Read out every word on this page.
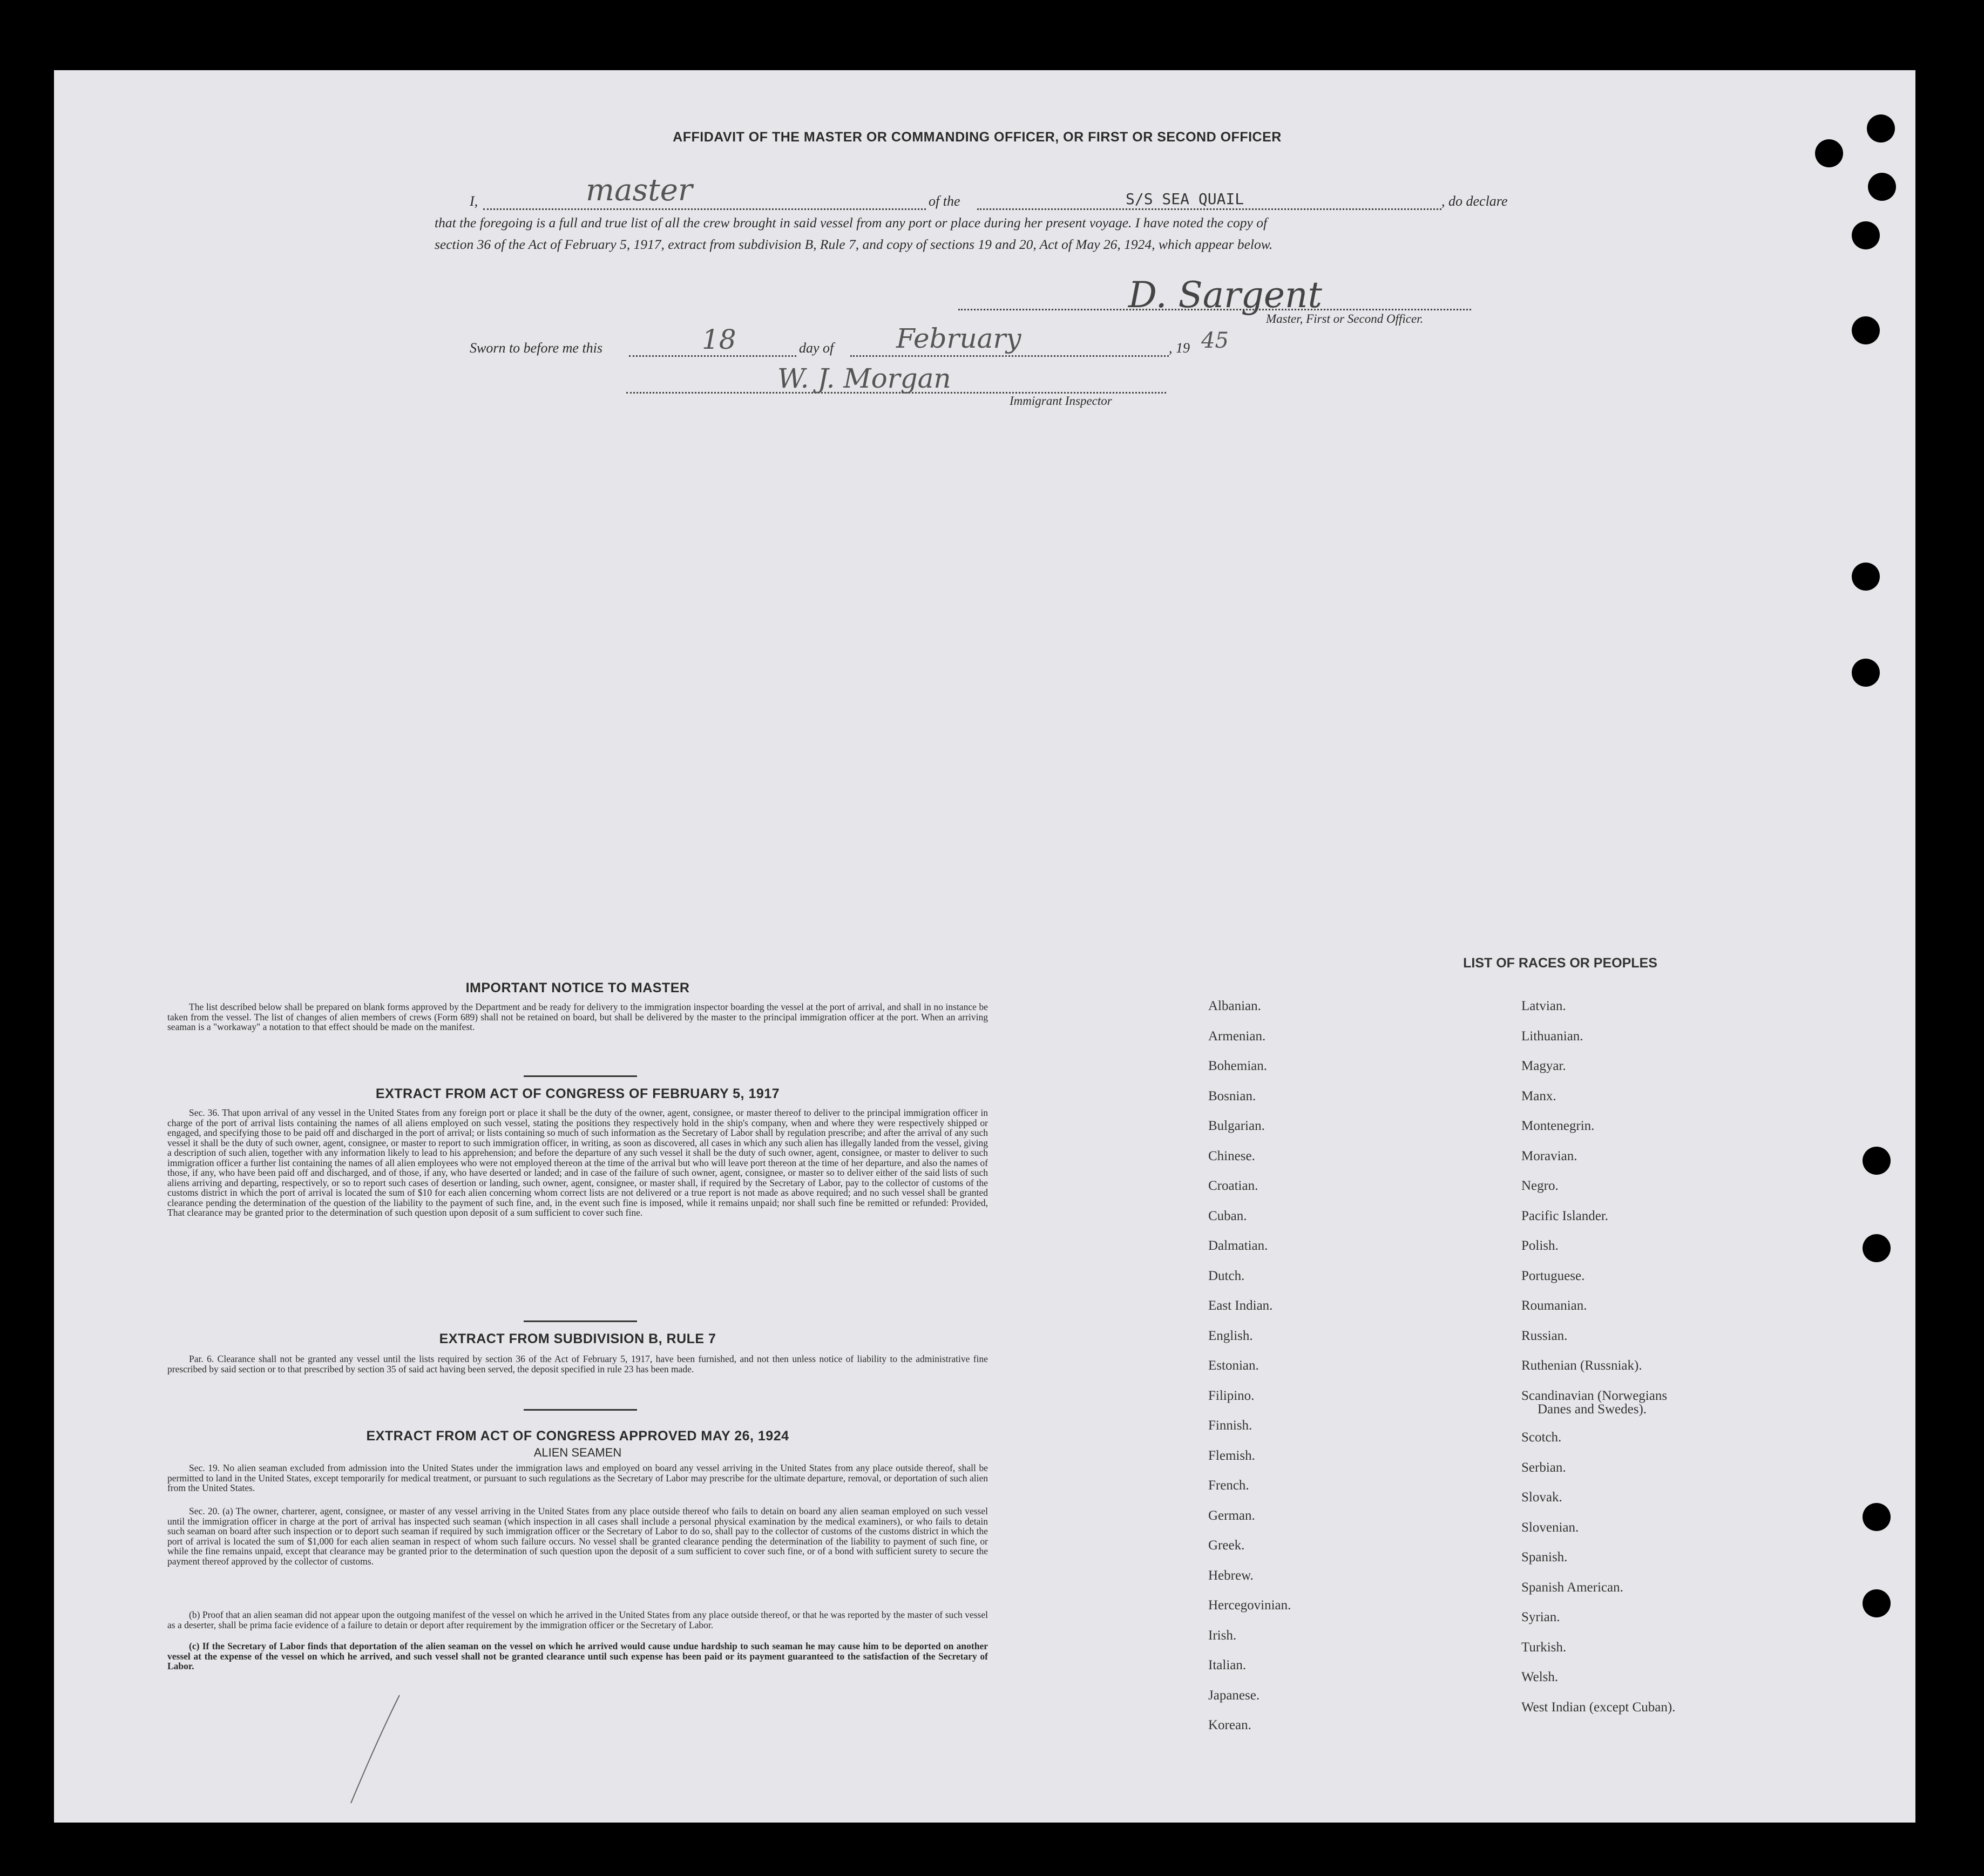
AFFIDAVIT OF THE MASTER OR COMMANDING OFFICER, OR FIRST OR SECOND OFFICER
I,	master	of the	S/S SEA QUAIL	, do declare
that the foregoing is a full and true list of all the crew brought in said vessel from any port or place during her present voyage. I have noted the copy of
section 36 of the Act of February 5, 1917, extract from subdivision B, Rule 7, and copy of sections 19 and 20, Act of May 26, 1924, which appear below.
D. Sargent
Master, First or Second Officer.
Sworn to before me this	18	day of February	, 19 45
W. J. Morgan
Immigrant Inspector
IMPORTANT NOTICE TO MASTER
The list described below shall be prepared on blank forms approved by the Department and be ready for delivery to the immigration inspector boarding the vessel at the port of arrival, and shall in no instance be taken from the vessel. The list of changes of alien members of crews (Form 689) shall not be retained on board, but shall be delivered by the master to the principal immigration officer at the port. When an arriving seaman is a "workaway" a notation to that effect should be made on the manifest.
EXTRACT FROM ACT OF CONGRESS OF FEBRUARY 5, 1917
Sec. 36. That upon arrival of any vessel in the United States from any foreign port or place it shall be the duty of the owner, agent, consignee, or master thereof to deliver to the principal immigration officer in charge of the port of arrival lists containing the names of all aliens employed on such vessel, stating the positions they respectively hold in the ship's company, when and where they were respectively shipped or engaged, and specifying those to be paid off and discharged in the port of arrival; or lists containing so much of such information as the Secretary of Labor shall by regulation prescribe; and after the arrival of any such vessel it shall be the duty of such owner, agent, consignee, or master to report to such immigration officer, in writing, as soon as discovered, all cases in which any such alien has illegally landed from the vessel, giving a description of such alien, together with any information likely to lead to his apprehension; and before the departure of any such vessel it shall be the duty of such owner, agent, consignee, or master to deliver to such immigration officer a further list containing the names of all alien employees who were not employed thereon at the time of the arrival but who will leave port thereon at the time of her departure, and also the names of those, if any, who have been paid off and discharged, and of those, if any, who have deserted or landed; and in case of the failure of such owner, agent, consignee, or master so to deliver either of the said lists of such aliens arriving and departing, respectively, or so to report such cases of desertion or landing, such owner, agent, consignee, or master shall, if required by the Secretary of Labor, pay to the collector of customs of the customs district in which the port of arrival is located the sum of $10 for each alien concerning whom correct lists are not delivered or a true report is not made as above required; and no such vessel shall be granted clearance pending the determination of the question of the liability to the payment of such fine, and, in the event such fine is imposed, while it remains unpaid; nor shall such fine be remitted or refunded: Provided, That clearance may be granted prior to the determination of such question upon deposit of a sum sufficient to cover such fine.
EXTRACT FROM SUBDIVISION B, RULE 7
Par. 6. Clearance shall not be granted any vessel until the lists required by section 36 of the Act of February 5, 1917, have been furnished, and not then unless notice of liability to the administrative fine prescribed by said section or to that prescribed by section 35 of said act having been served, the deposit specified in rule 23 has been made.
EXTRACT FROM ACT OF CONGRESS APPROVED MAY 26, 1924
ALIEN SEAMEN
Sec. 19. No alien seaman excluded from admission into the United States under the immigration laws and employed on board any vessel arriving in the United States from any place outside thereof, shall be permitted to land in the United States, except temporarily for medical treatment, or pursuant to such regulations as the Secretary of Labor may prescribe for the ultimate departure, removal, or deportation of such alien from the United States.
Sec. 20. (a) The owner, charterer, agent, consignee, or master of any vessel arriving in the United States from any place outside thereof who fails to detain on board any alien seaman employed on such vessel until the immigration officer in charge at the port of arrival has inspected such seaman (which inspection in all cases shall include a personal physical examination by the medical examiners), or who fails to detain such seaman on board after such inspection or to deport such seaman if required by such immigration officer or the Secretary of Labor to do so, shall pay to the collector of customs of the customs district in which the port of arrival is located the sum of $1,000 for each alien seaman in respect of whom such failure occurs. No vessel shall be granted clearance pending the determination of the liability to payment of such fine, or while the fine remains unpaid, except that clearance may be granted prior to the determination of such question upon the deposit of a sum sufficient to cover such fine, or of a bond with sufficient surety to secure the payment thereof approved by the collector of customs.
(b) Proof that an alien seaman did not appear upon the outgoing manifest of the vessel on which he arrived in the United States from any place outside thereof, or that he was reported by the master of such vessel as a deserter, shall be prima facie evidence of a failure to detain or deport after requirement by the immigration officer or the Secretary of Labor.
(c) If the Secretary of Labor finds that deportation of the alien seaman on the vessel on which he arrived would cause undue hardship to such seaman he may cause him to be deported on another vessel at the expense of the vessel on which he arrived, and such vessel shall not be granted clearance until such expense has been paid or its payment guaranteed to the satisfaction of the Secretary of Labor.
LIST OF RACES OR PEOPLES
Albanian.
Armenian.
Bohemian.
Bosnian.
Bulgarian.
Chinese.
Croatian.
Cuban.
Dalmatian.
Dutch.
East Indian.
English.
Estonian.
Filipino.
Finnish.
Flemish.
French.
German.
Greek.
Hebrew.
Hercegovinian.
Irish.
Italian.
Japanese.
Korean.
Latvian.
Lithuanian.
Magyar.
Manx.
Montenegrin.
Moravian.
Negro.
Pacific Islander.
Polish.
Portuguese.
Roumanian.
Russian.
Ruthenian (Russniak).
Scandinavian (Norwegians
Danes and Swedes).
Scotch.
Serbian.
Slovak.
Slovenian.
Spanish.
Spanish American.
Syrian.
Turkish.
Welsh.
West Indian (except Cuban).
